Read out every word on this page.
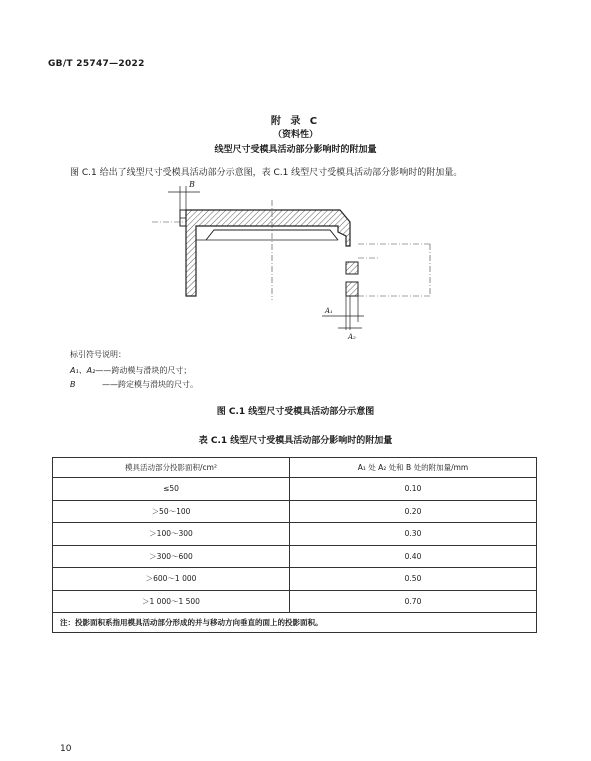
GB/T 25747—2022
附 录 C
（资料性）
线型尺寸受模具活动部分影响时的附加量
图 C.1 给出了线型尺寸受模具活动部分示意图，表 C.1 线型尺寸受模具活动部分影响时的附加量。
B
A₁
A₂
标引符号说明：
A₁、A₂——跨动模与滑块的尺寸；
B	——跨定模与滑块的尺寸。
图 C.1 线型尺寸受模具活动部分示意图
表 C.1 线型尺寸受模具活动部分影响时的附加量
模具活动部分投影面积/cm²	A₁ 处 A₂ 处和 B 处的附加量/mm
≤50	0.10
＞50～100	0.20
＞100～300	0.30
＞300～600	0.40
＞600～1 000	0.50
＞1 000～1 500	0.70
注：投影面积系指用模具活动部分形成的并与移动方向垂直的面上的投影面积。	
10
